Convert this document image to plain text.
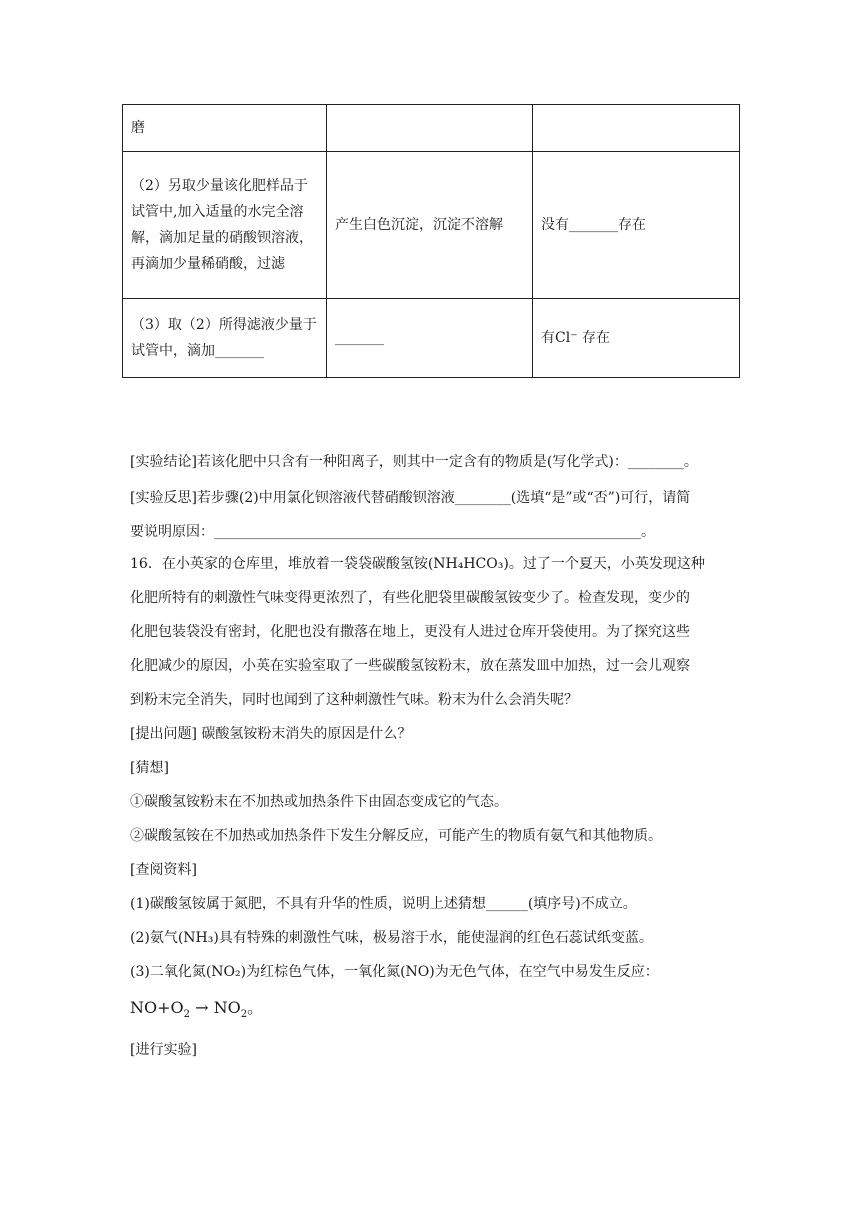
磨		

（2）另取少量该化肥样品于试管中,加入适量的水完全溶解，滴加足量的硝酸钡溶液，再滴加少量稀硝酸，过滤	产生白色沉淀，沉淀不溶解	没有_______存在

（3）取（2）所得滤液少量于试管中，滴加_______	_______	有Cl⁻ 存在
[实验结论]若该化肥中只含有一种阳离子，则其中一定含有的物质是(写化学式)：________。
[实验反思]若步骤(2)中用氯化钡溶液代替硝酸钡溶液________(选填“是”或“否”)可行，请简
要说明原因：_____________________________________________________________。
16．在小英家的仓库里，堆放着一袋袋碳酸氢铵(NH₄HCO₃)。过了一个夏天，小英发现这种
化肥所特有的刺激性气味变得更浓烈了，有些化肥袋里碳酸氢铵变少了。检查发现，变少的
化肥包装袋没有密封，化肥也没有撒落在地上，更没有人进过仓库开袋使用。为了探究这些
化肥减少的原因，小英在实验室取了一些碳酸氢铵粉末，放在蒸发皿中加热，过一会儿观察
到粉末完全消失，同时也闻到了这种刺激性气味。粉末为什么会消失呢？
[提出问题] 碳酸氢铵粉末消失的原因是什么？
[猜想]
①碳酸氢铵粉末在不加热或加热条件下由固态变成它的气态。
②碳酸氢铵在不加热或加热条件下发生分解反应，可能产生的物质有氨气和其他物质。
[查阅资料]
(1)碳酸氢铵属于氮肥，不具有升华的性质，说明上述猜想______(填序号)不成立。
(2)氨气(NH₃)具有特殊的刺激性气味，极易溶于水，能使湿润的红色石蕊试纸变蓝。
(3)二氧化氮(NO₂)为红棕色气体，一氧化氮(NO)为无色气体，在空气中易发生反应：
$NO+O_2 \to NO_2$。
[进行实验]
